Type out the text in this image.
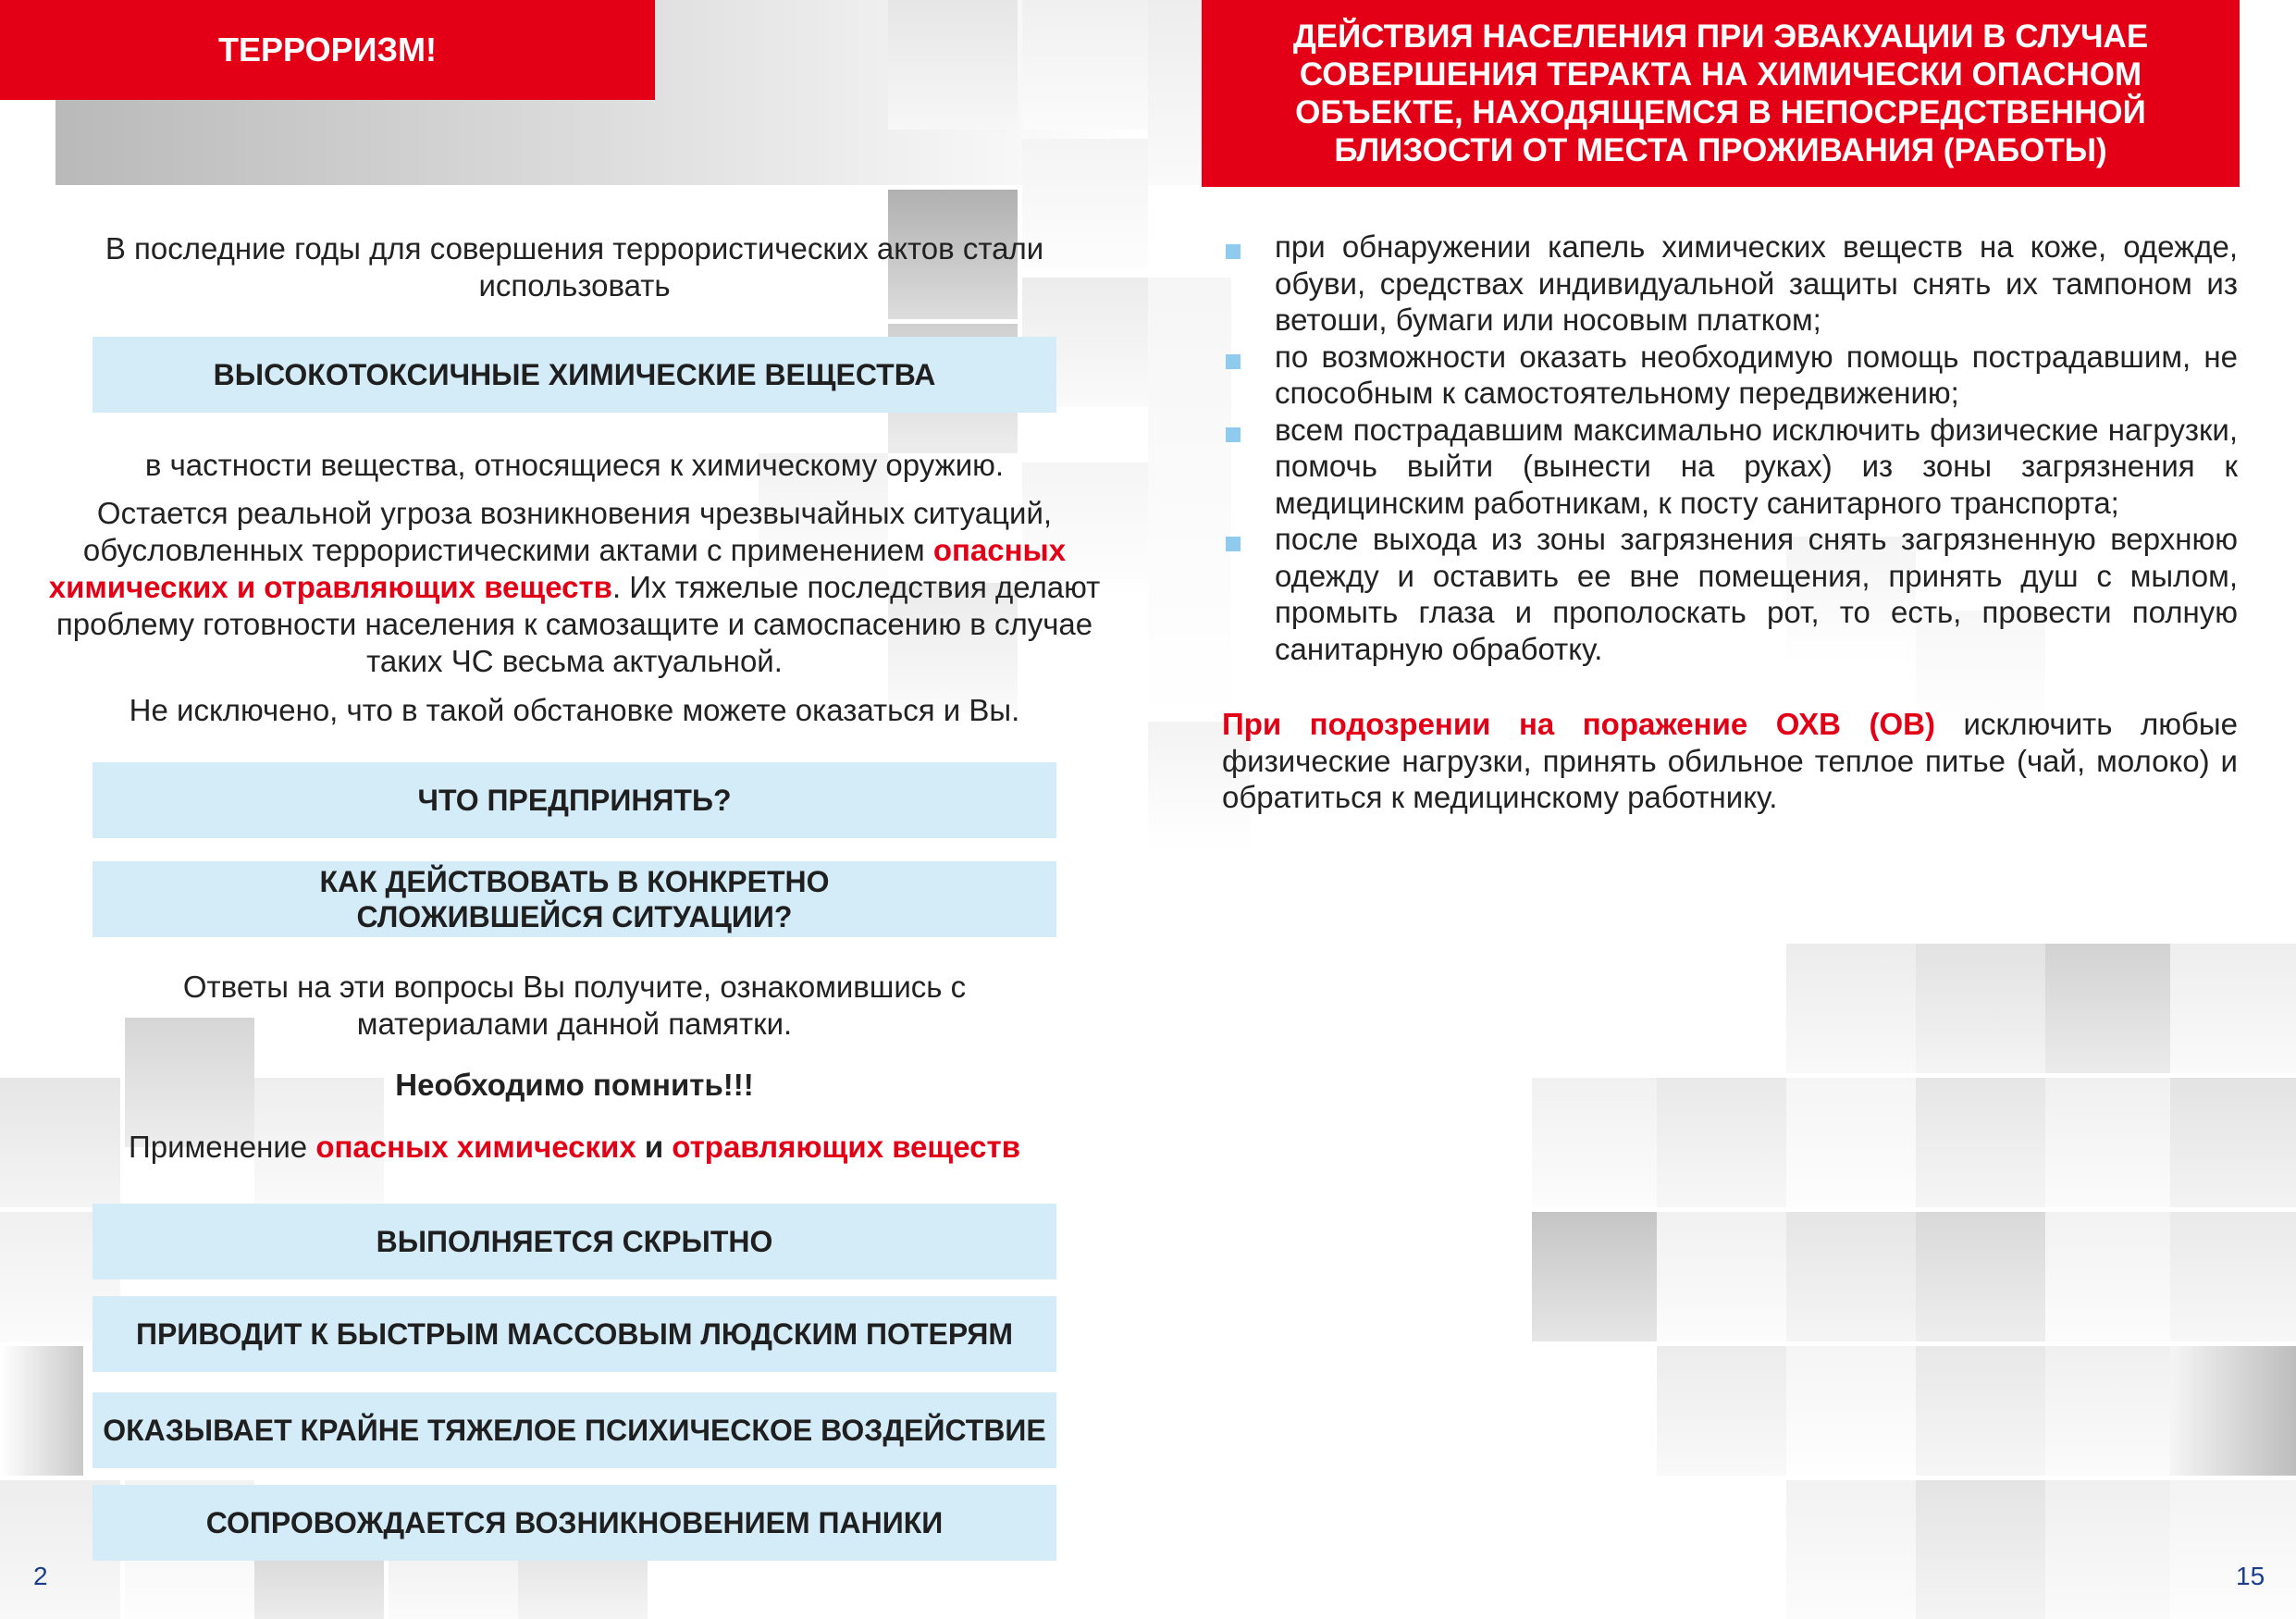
ТЕРРОРИЗМ!
В последние годы для совершения террористических актов стали использовать
ВЫСОКОТОКСИЧНЫЕ ХИМИЧЕСКИЕ ВЕЩЕСТВА
в частности вещества, относящиеся к химическому оружию.
Остается реальной угроза возникновения чрезвычайных ситуаций, обусловленных террористическими актами с применением опасных химических и отравляющих веществ. Их тяжелые последствия делают проблему готовности населения к самозащите и самоспасению в случае таких ЧС весьма актуальной.
Не исключено, что в такой обстановке можете оказаться и Вы.
ЧТО ПРЕДПРИНЯТЬ?
КАК ДЕЙСТВОВАТЬ В КОНКРЕТНО СЛОЖИВШЕЙСЯ СИТУАЦИИ?
Ответы на эти вопросы Вы получите, ознакомившись с материалами данной памятки.
Необходимо помнить!!!
Применение опасных химических и отравляющих веществ
ВЫПОЛНЯЕТСЯ СКРЫТНО
ПРИВОДИТ К БЫСТРЫМ МАССОВЫМ ЛЮДСКИМ ПОТЕРЯМ
ОКАЗЫВАЕТ КРАЙНЕ ТЯЖЕЛОЕ ПСИХИЧЕСКОЕ ВОЗДЕЙСТВИЕ
СОПРОВОЖДАЕТСЯ ВОЗНИКНОВЕНИЕМ ПАНИКИ
2
ДЕЙСТВИЯ НАСЕЛЕНИЯ ПРИ ЭВАКУАЦИИ В СЛУЧАЕ СОВЕРШЕНИЯ ТЕРАКТА НА ХИМИЧЕСКИ ОПАСНОМ ОБЪЕКТЕ, НАХОДЯЩЕМСЯ В НЕПОСРЕДСТВЕННОЙ БЛИЗОСТИ ОТ МЕСТА ПРОЖИВАНИЯ (РАБОТЫ)
при обнаружении капель химических веществ на коже, одежде, обуви, средствах индивидуальной защиты снять их тампоном из ветоши, бумаги или носовым платком;
по возможности оказать необходимую помощь пострадавшим, не способным к самостоятельному передвижению;
всем пострадавшим максимально исключить физические нагрузки, помочь выйти (вынести на руках) из зоны загрязнения к медицинским работникам, к посту санитарного транспорта;
после выхода из зоны загрязнения снять загрязненную верхнюю одежду и оставить ее вне помещения, принять душ с мылом, промыть глаза и прополоскать рот, то есть, провести полную санитарную обработку.
При подозрении на поражение ОХВ (ОВ) исключить любые физические нагрузки, принять обильное теплое питье (чай, молоко) и обратиться к медицинскому работнику.
15
